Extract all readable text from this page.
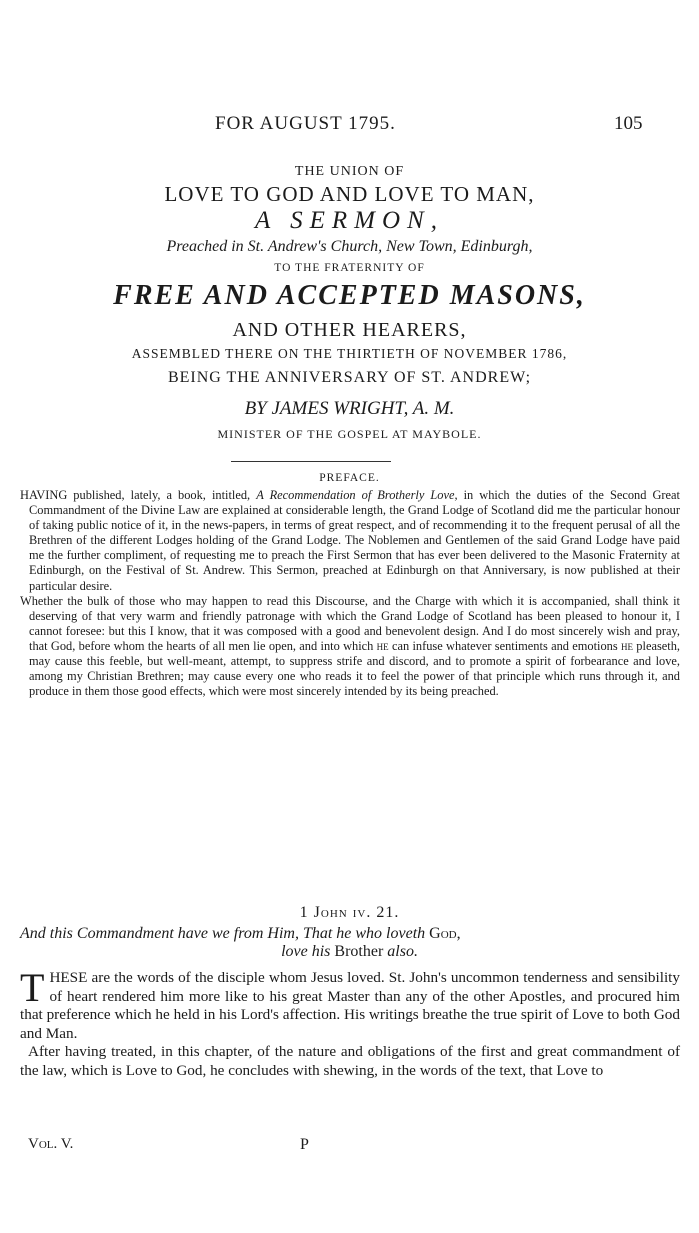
FOR AUGUST 1795.	105
THE UNION OF
LOVE TO GOD AND LOVE TO MAN,
A SERMON,
Preached in St. Andrew's Church, New Town, Edinburgh,
TO THE FRATERNITY OF
FREE AND ACCEPTED MASONS,
AND OTHER HEARERS,
ASSEMBLED THERE ON THE THIRTIETH OF NOVEMBER 1786,
BEING THE ANNIVERSARY OF ST. ANDREW;
BY JAMES WRIGHT, A. M.
MINISTER OF THE GOSPEL AT MAYBOLE.
PREFACE.

HAVING published, lately, a book, intitled, A Recommendation of Brotherly Love, in which the duties of the Second Great Commandment of the Divine Law are explained at considerable length, the Grand Lodge of Scotland did me the particular honour of taking public notice of it, in the news-papers, in terms of great respect, and of recommending it to the frequent perusal of all the Brethren of the different Lodges holding of the Grand Lodge. The Noblemen and Gentlemen of the said Grand Lodge have paid me the further compliment, of requesting me to preach the First Sermon that has ever been delivered to the Masonic Fraternity at Edinburgh, on the Festival of St. Andrew. This Sermon, preached at Edinburgh on that Anniversary, is now published at their particular desire.

Whether the bulk of those who may happen to read this Discourse, and the Charge with which it is accompanied, shall think it deserving of that very warm and friendly patronage with which the Grand Lodge of Scotland has been pleased to honour it, I cannot foresee: but this I know, that it was composed with a good and benevolent design. And I do most sincerely wish and pray, that God, before whom the hearts of all men lie open, and into which he can infuse whatever sentiments and emotions he pleaseth, may cause this feeble, but well-meant, attempt, to suppress strife and discord, and to promote a spirit of forbearance and love, among my Christian Brethren; may cause every one who reads it to feel the power of that principle which runs through it, and produce in them those good effects, which were most sincerely intended by its being preached.

1 John iv. 21.
And this Commandment have we from Him, That he who loveth God,
love his Brother also.

THESE are the words of the disciple whom Jesus loved. St. John's uncommon tenderness and sensibility of heart rendered him more like to his great Master than any of the other Apostles, and procured him that preference which he held in his Lord's affection. His writings breathe the true spirit of Love to both God and Man.

After having treated, in this chapter, of the nature and obligations of the first and great commandment of the law, which is Love to God, he concludes with shewing, in the words of the text, that Love to

Vol. V.	P
